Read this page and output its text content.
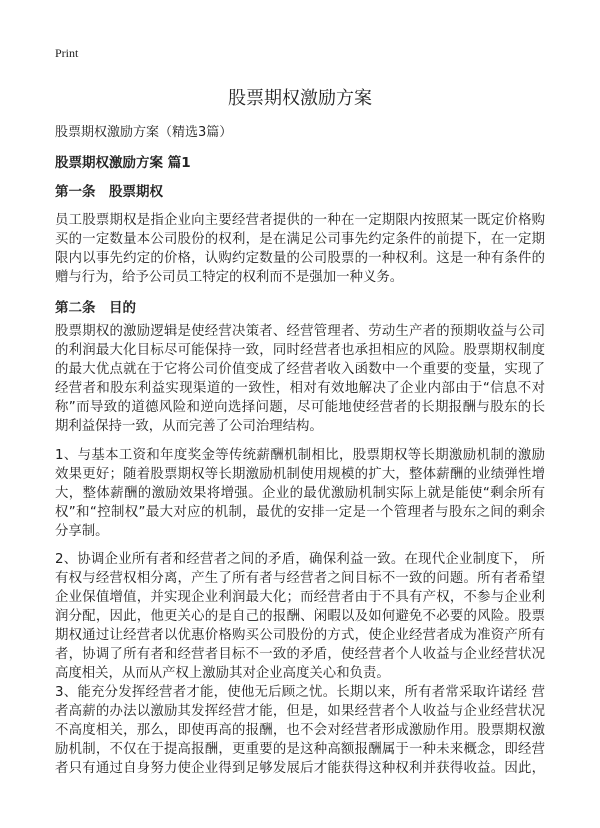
Print
股票期权激励方案
股票期权激励方案（精选3篇）
股票期权激励方案 篇1
第一条　股票期权
员工股票期权是指企业向主要经营者提供的一种在一定期限内按照某一既定价格购
买的一定数量本公司股份的权利，是在满足公司事先约定条件的前提下，在一定期
限内以事先约定的价格，认购约定数量的公司股票的一种权利。这是一种有条件的
赠与行为，给予公司员工特定的权利而不是强加一种义务。
第二条　目的
股票期权的激励逻辑是使经营决策者、经营管理者、劳动生产者的预期收益与公司
的利润最大化目标尽可能保持一致，同时经营者也承担相应的风险。股票期权制度
的最大优点就在于它将公司价值变成了经营者收入函数中一个重要的变量，实现了
经营者和股东利益实现渠道的一致性，相对有效地解决了企业内部由于“信息不对
称”而导致的道德风险和逆向选择问题，尽可能地使经营者的长期报酬与股东的长
期利益保持一致，从而完善了公司治理结构。
1、与基本工资和年度奖金等传统薪酬机制相比，股票期权等长期激励机制的激励
效果更好；随着股票期权等长期激励机制使用规模的扩大，整体薪酬的业绩弹性增
大，整体薪酬的激励效果将增强。企业的最优激励机制实际上就是能使“剩余所有
权”和“控制权”最大对应的机制，最优的安排一定是一个管理者与股东之间的剩余
分享制。
2、协调企业所有者和经营者之间的矛盾，确保利益一致。在现代企业制度下， 所
有权与经营权相分离，产生了所有者与经营者之间目标不一致的问题。所有者希望
企业保值增值，并实现企业利润最大化；而经营者由于不具有产权，不参与企业利
润分配，因此，他更关心的是自己的报酬、闲暇以及如何避免不必要的风险。股票
期权通过让经营者以优惠价格购买公司股份的方式，使企业经营者成为准资产所有
者，协调了所有者和经营者目标不一致的矛盾，使经营者个人收益与企业经营状况
高度相关，从而从产权上激励其对企业高度关心和负责。
3、能充分发挥经营者才能，使他无后顾之忧。长期以来，所有者常采取许诺经 营
者高薪的办法以激励其发挥经营才能，但是，如果经营者个人收益与企业经营状况
不高度相关，那么，即使再高的报酬，也不会对经营者形成激励作用。股票期权激
励机制，不仅在于提高报酬，更重要的是这种高额报酬属于一种未来概念，即经营
者只有通过自身努力使企业得到足够发展后才能获得这种权利并获得收益。因此，
